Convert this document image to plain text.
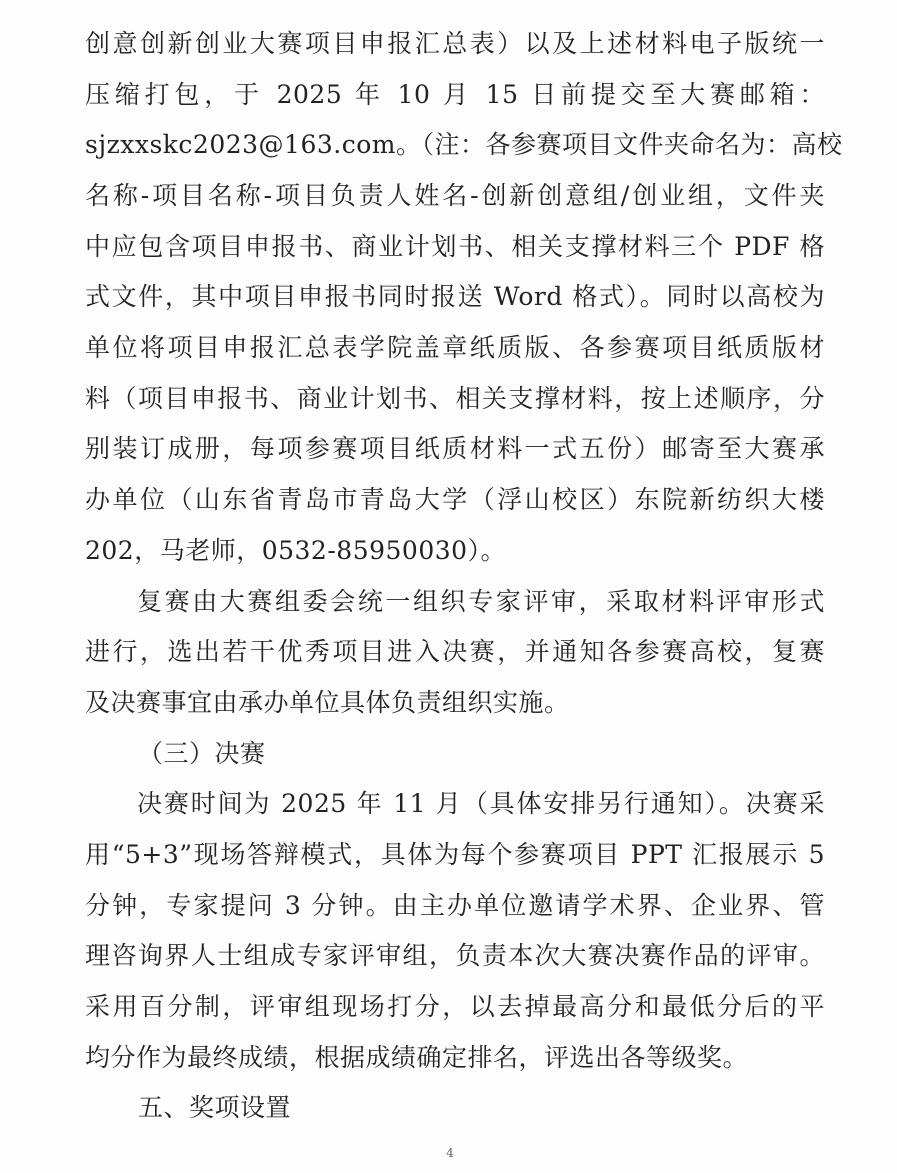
创意创新创业大赛项目申报汇总表）以及上述材料电子版统一
压缩打包，于 2025 年 10 月 15 日前提交至大赛邮箱：
sjzxxskc2023@163.com。（注：各参赛项目文件夹命名为：高校
名称-项目名称-项目负责人姓名-创新创意组/创业组，文件夹
中应包含项目申报书、商业计划书、相关支撑材料三个 PDF 格
式文件，其中项目申报书同时报送 Word 格式）。同时以高校为
单位将项目申报汇总表学院盖章纸质版、各参赛项目纸质版材
料（项目申报书、商业计划书、相关支撑材料，按上述顺序，分
别装订成册，每项参赛项目纸质材料一式五份）邮寄至大赛承
办单位（山东省青岛市青岛大学（浮山校区）东院新纺织大楼
202，马老师，0532-85950030）。
复赛由大赛组委会统一组织专家评审，采取材料评审形式
进行，选出若干优秀项目进入决赛，并通知各参赛高校，复赛
及决赛事宜由承办单位具体负责组织实施。
（三）决赛
决赛时间为 2025 年 11 月（具体安排另行通知）。决赛采
用“5+3”现场答辩模式，具体为每个参赛项目 PPT 汇报展示 5
分钟，专家提问 3 分钟。由主办单位邀请学术界、企业界、管
理咨询界人士组成专家评审组，负责本次大赛决赛作品的评审。
采用百分制，评审组现场打分，以去掉最高分和最低分后的平
均分作为最终成绩，根据成绩确定排名，评选出各等级奖。
五、奖项设置
4
